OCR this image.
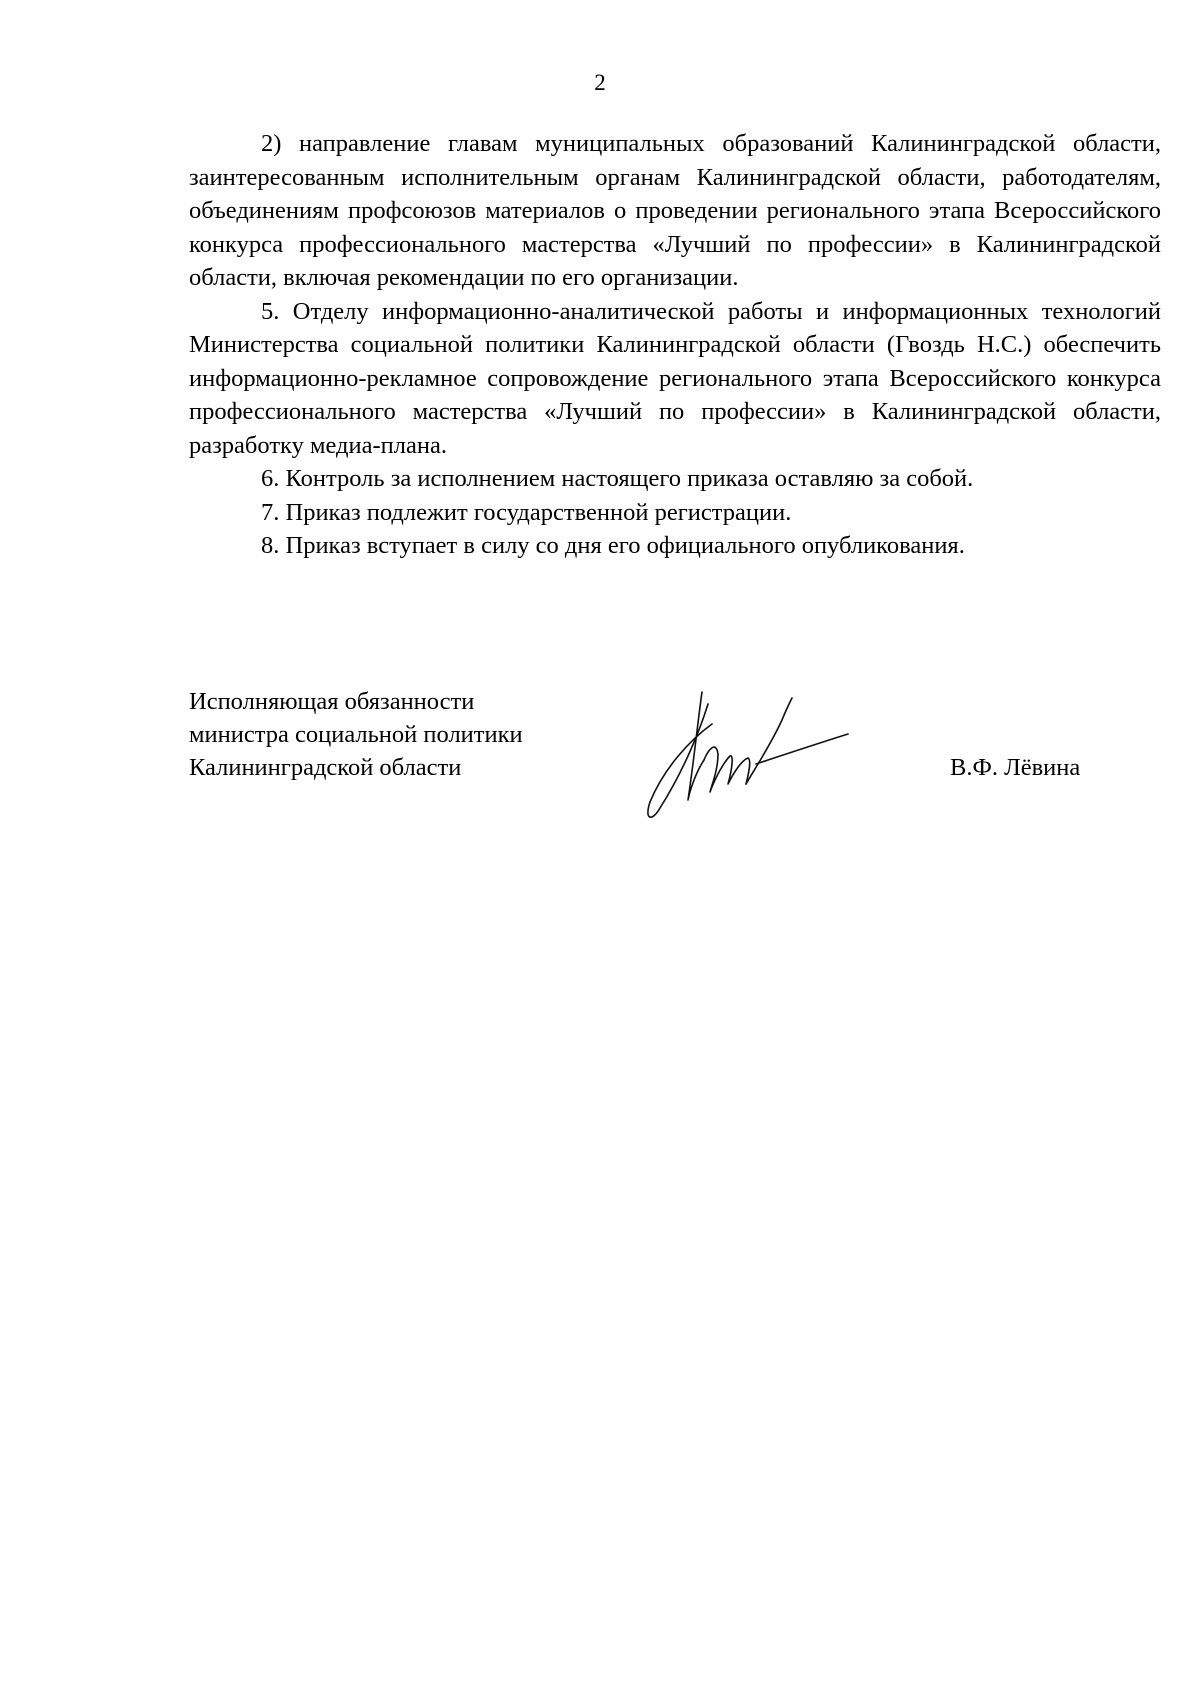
2

2) направление главам муниципальных образований Калининградской области, заинтересованным исполнительным органам Калининградской области, работодателям, объединениям профсоюзов материалов о проведении регионального этапа Всероссийского конкурса профессионального мастерства «Лучший по профессии» в Калининградской области, включая рекомендации по его организации.

5. Отделу информационно-аналитической работы и информационных технологий Министерства социальной политики Калининградской области (Гвоздь Н.С.) обеспечить информационно-рекламное сопровождение регионального этапа Всероссийского конкурса профессионального мастерства «Лучший по профессии» в Калининградской области, разработку медиа-плана.

6. Контроль за исполнением настоящего приказа оставляю за собой.

7. Приказ подлежит государственной регистрации.

8. Приказ вступает в силу со дня его официального опубликования.

Исполняющая обязанности
министра социальной политики
Калининградской области	В.Ф. Лёвина
